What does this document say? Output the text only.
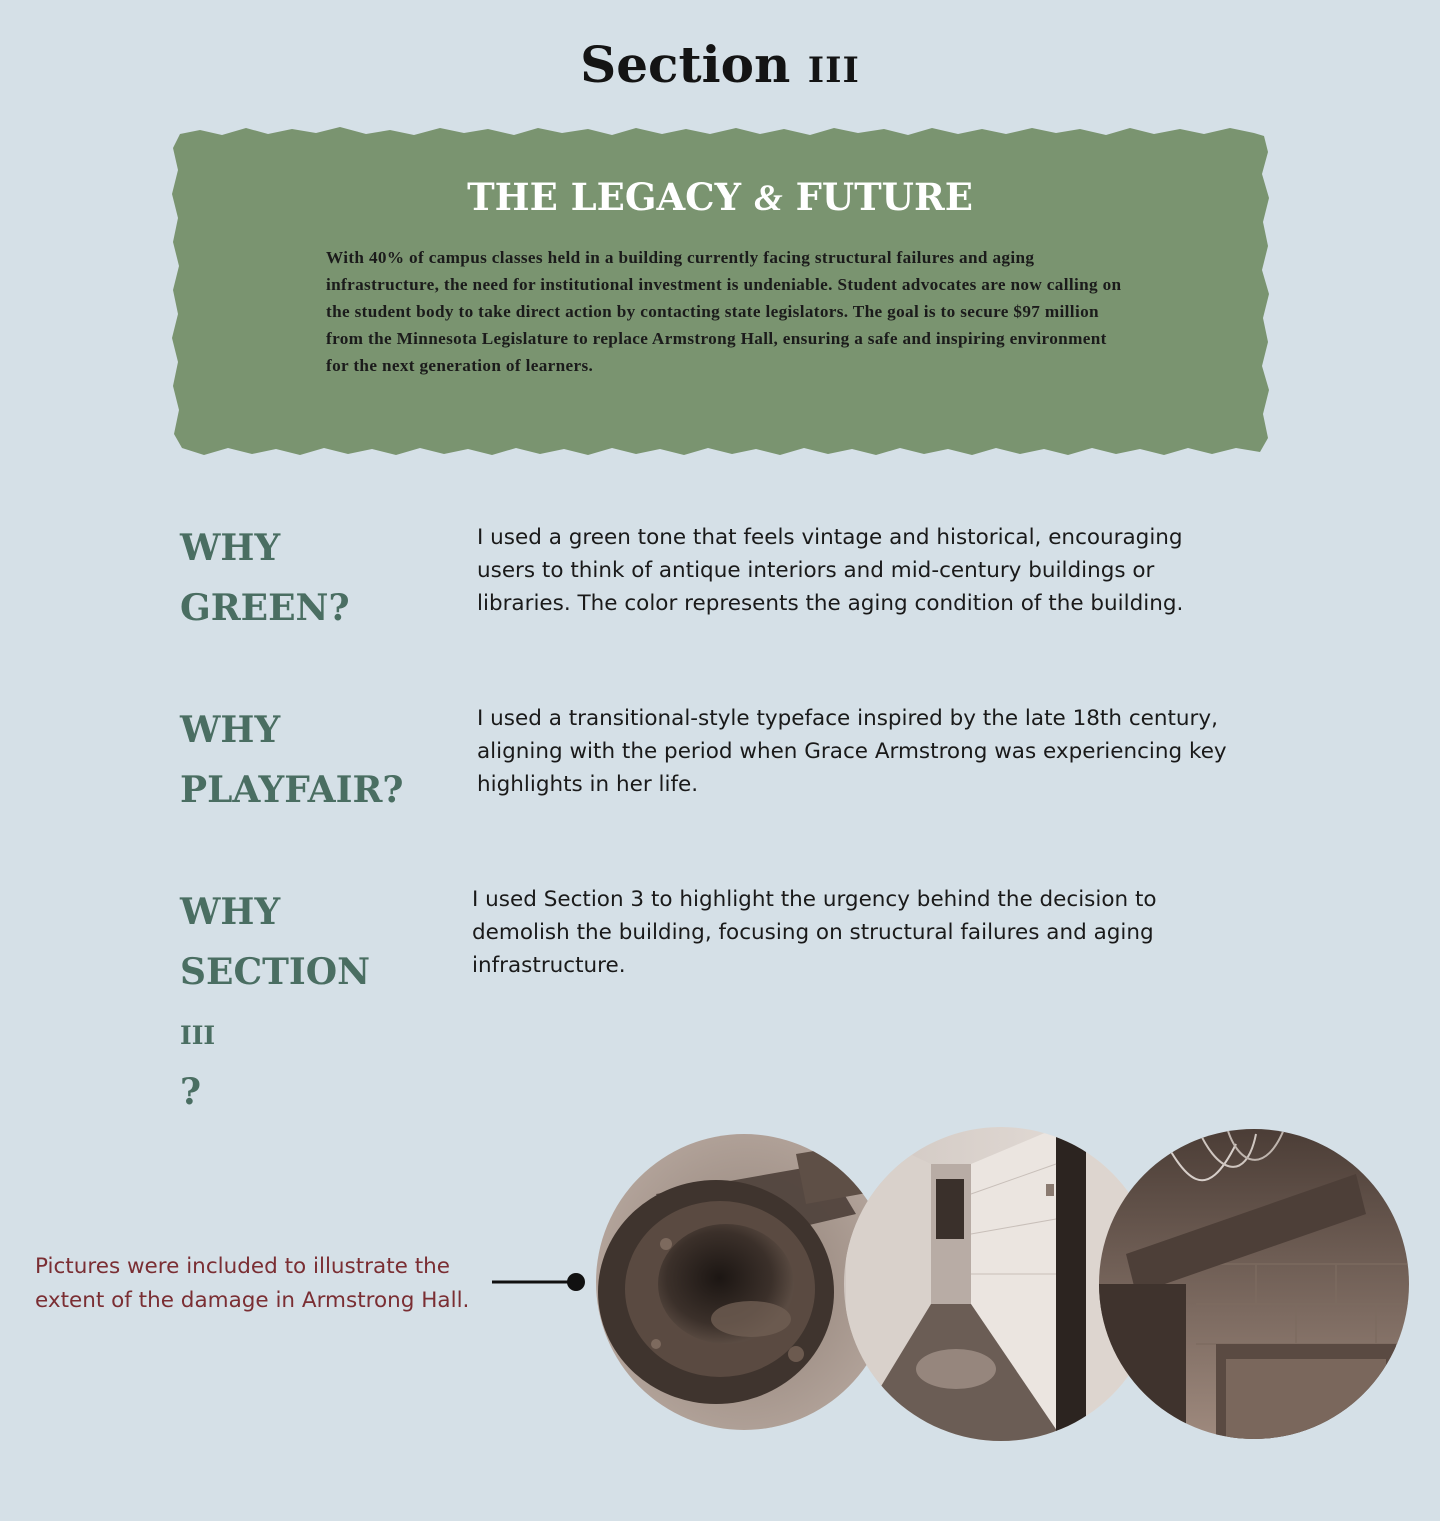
Section iii
THE LEGACY & FUTURE

With 40% of campus classes held in a building currently facing structural failures and aging infrastructure, the need for institutional investment is undeniable. Student advocates are now calling on the student body to take direct action by contacting state legislators. The goal is to secure $97 million from the Minnesota Legislature to replace Armstrong Hall, ensuring a safe and inspiring environment for the next generation of learners.

WHY
GREEN?

I used a green tone that feels vintage and historical, encouraging users to think of antique interiors and mid-century buildings or libraries. The color represents the aging condition of the building.

WHY
PLAYFAIR?

I used a transitional-style typeface inspired by the late 18th century, aligning with the period when Grace Armstrong was experiencing key highlights in her life.

WHY
SECTION
iii
?

I used Section 3 to highlight the urgency behind the decision to demolish the building, focusing on structural failures and aging infrastructure.

Pictures were included to illustrate the extent of the damage in Armstrong Hall.
